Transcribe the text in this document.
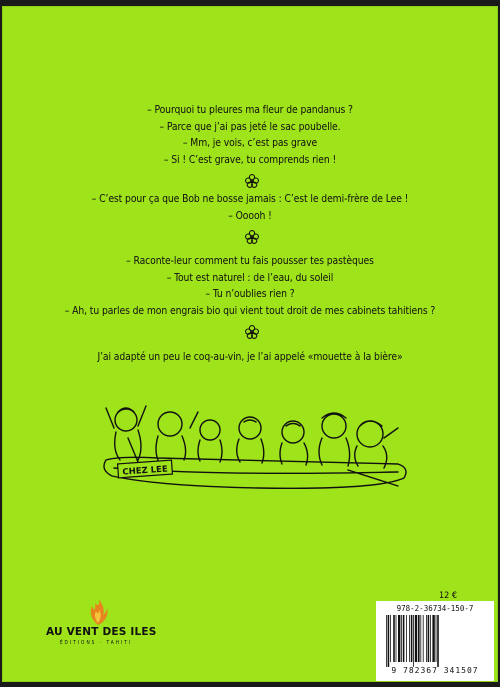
– Pourquoi tu pleures ma fleur de pandanus ?
– Parce que j’ai pas jeté le sac poubelle.
– Mm, je vois, c’est pas grave
– Si ! C’est grave, tu comprends rien !
– C’est pour ça que Bob ne bosse jamais : C’est le demi-frère de Lee !
– Ooooh !
– Raconte-leur comment tu fais pousser tes pastèques
– Tout est naturel : de l’eau, du soleil
– Tu n’oublies rien ?
– Ah, tu parles de mon engrais bio qui vient tout droit de mes cabinets tahitiens ?
J’ai adapté un peu le coq-au-vin, je l’ai appelé «mouette à la bière»
CHEZ LEE
AU VENT DES ILES
ÉDITIONS · TAHITI
12 €
978-2-36734-150-7
9 782367 341507
